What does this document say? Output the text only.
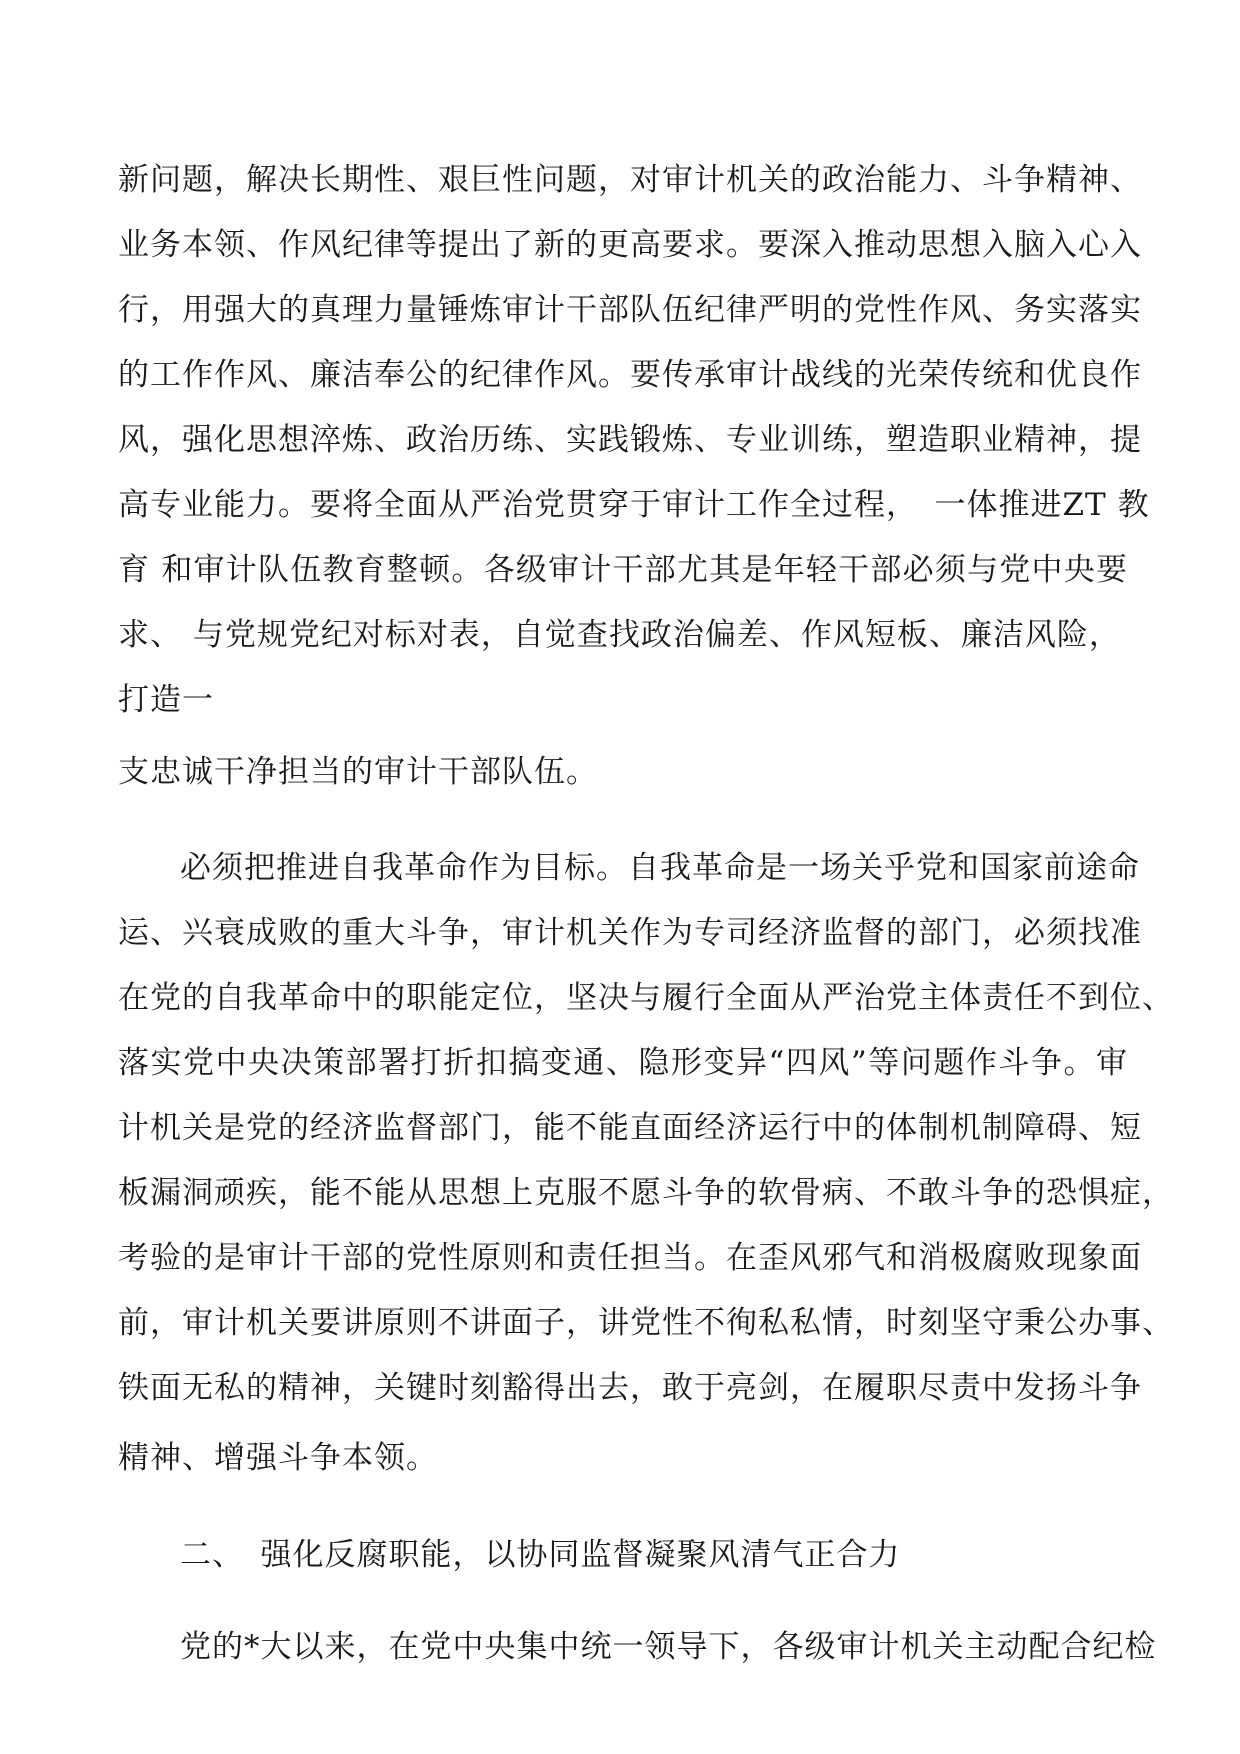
新问题，解决长期性、艰巨性问题，对审计机关的政治能力、斗争精神、
业务本领、作风纪律等提出了新的更高要求。要深入推动思想入脑入心入
行，用强大的真理力量锤炼审计干部队伍纪律严明的党性作风、务实落实
的工作作风、廉洁奉公的纪律作风。要传承审计战线的光荣传统和优良作
风，强化思想淬炼、政治历练、实践锻炼、专业训练，塑造职业精神，提
高专业能力。要将全面从严治党贯穿于审计工作全过程，　一体推进ZT 教
育 和审计队伍教育整顿。各级审计干部尤其是年轻干部必须与党中央要
求、 与党规党纪对标对表，自觉查找政治偏差、作风短板、廉洁风险，
打造一
支忠诚干净担当的审计干部队伍。
必须把推进自我革命作为目标。自我革命是一场关乎党和国家前途命
运、兴衰成败的重大斗争，审计机关作为专司经济监督的部门，必须找准
在党的自我革命中的职能定位，坚决与履行全面从严治党主体责任不到位、
落实党中央决策部署打折扣搞变通、隐形变异“四风”等问题作斗争。审
计机关是党的经济监督部门，能不能直面经济运行中的体制机制障碍、短
板漏洞顽疾，能不能从思想上克服不愿斗争的软骨病、不敢斗争的恐惧症，
考验的是审计干部的党性原则和责任担当。在歪风邪气和消极腐败现象面
前，审计机关要讲原则不讲面子，讲党性不徇私私情，时刻坚守秉公办事、
铁面无私的精神，关键时刻豁得出去，敢于亮剑，在履职尽责中发扬斗争
精神、增强斗争本领。
二、　强化反腐职能，以协同监督凝聚风清气正合力
党的*大以来，在党中央集中统一领导下，各级审计机关主动配合纪检
